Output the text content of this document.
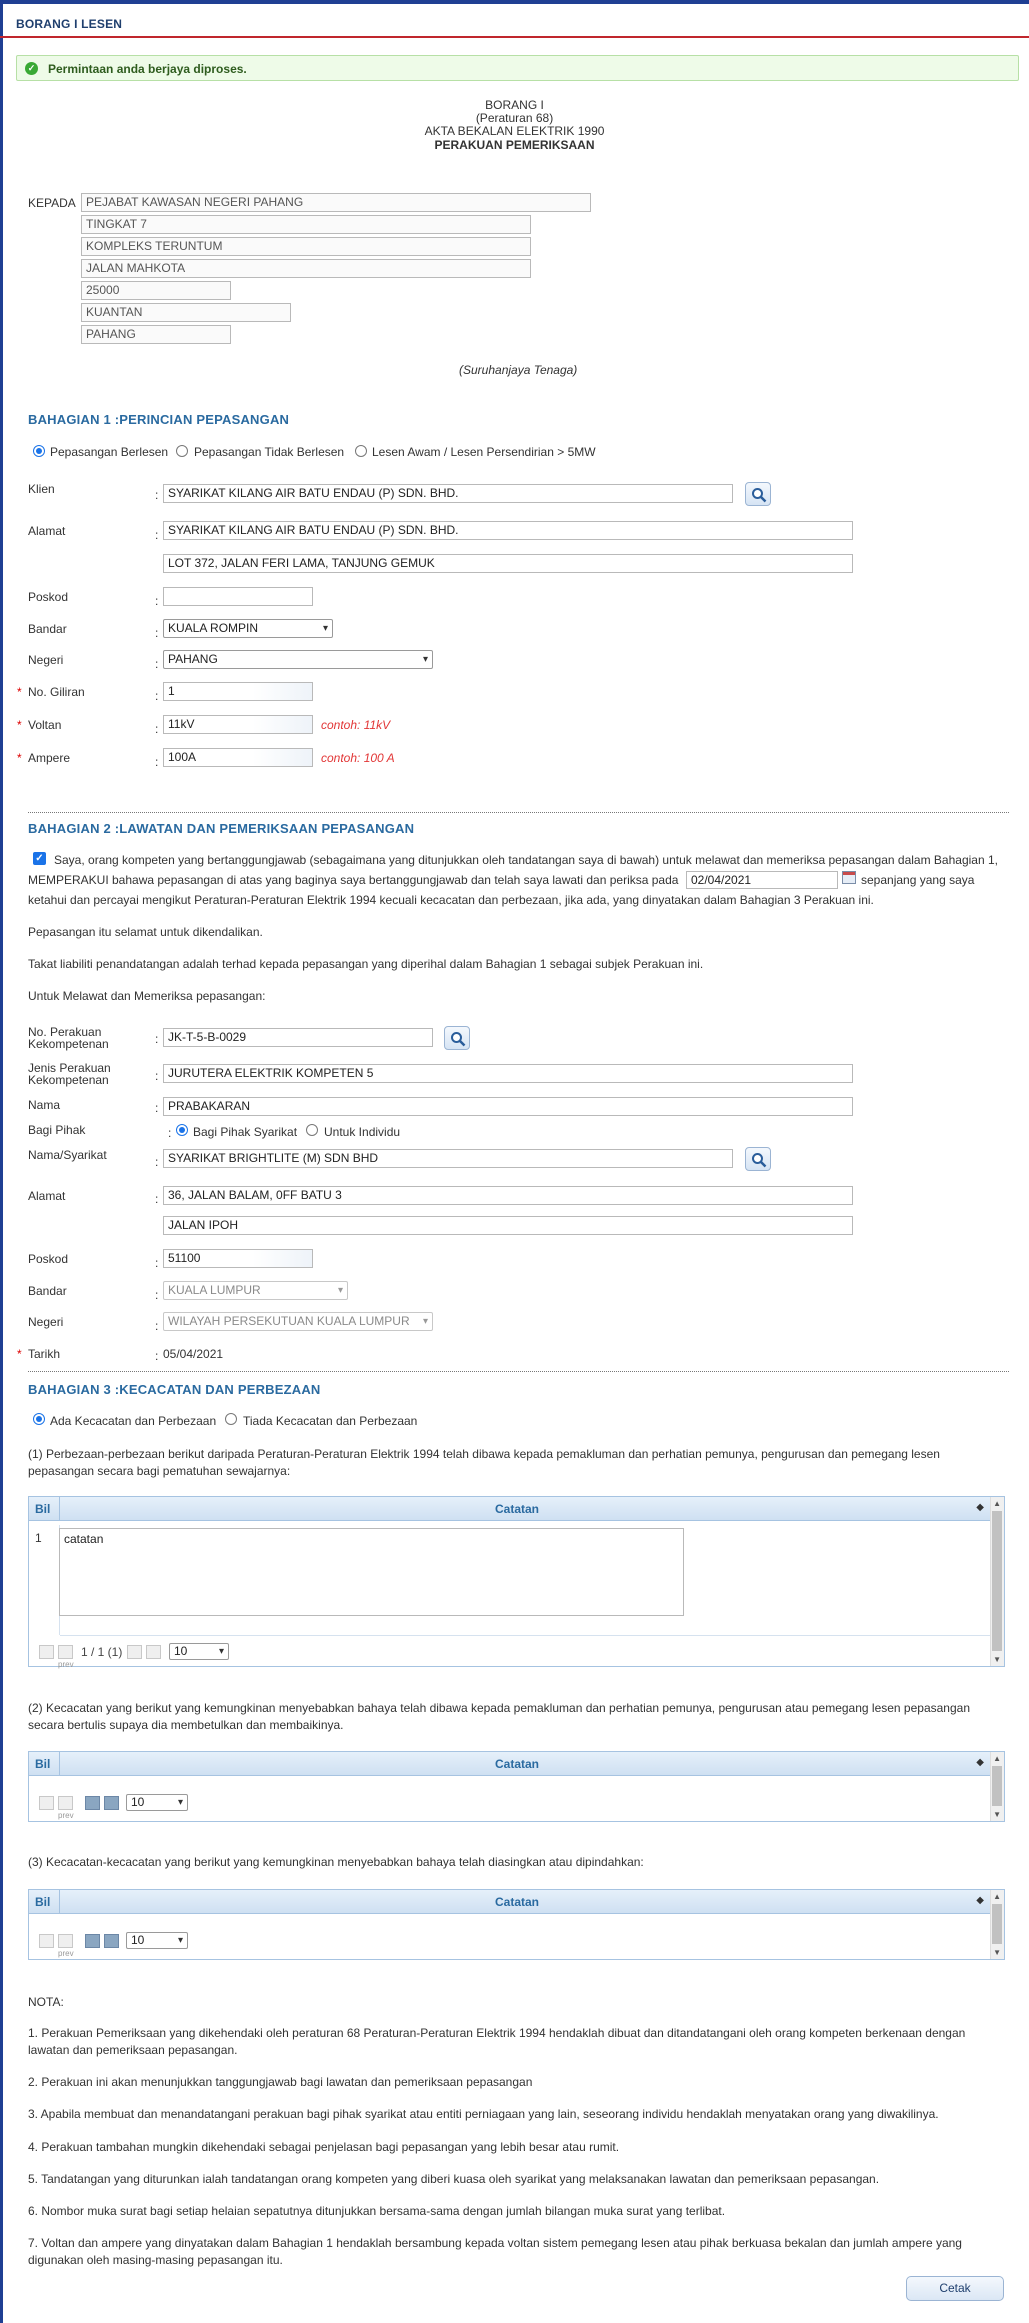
BORANG I LESEN
✓ Permintaan anda berjaya diproses.
BORANG I
(Peraturan 68)
AKTA BEKALAN ELEKTRIK 1990
PERAKUAN PEMERIKSAAN
KEPADA PEJABAT KAWASAN NEGERI PAHANG
TINGKAT 7
KOMPLEKS TERUNTUM
JALAN MAHKOTA
25000
KUANTAN
PAHANG
(Suruhanjaya Tenaga)
BAHAGIAN 1 :PERINCIAN PEPASANGAN
Pepasangan Berlesen Pepasangan Tidak Berlesen Lesen Awam / Lesen Persendirian > 5MW
Klien	: SYARIKAT KILANG AIR BATU ENDAU (P) SDN. BHD.
Alamat	: SYARIKAT KILANG AIR BATU ENDAU (P) SDN. BHD.
LOT 372, JALAN FERI LAMA, TANJUNG GEMUK
Poskod	:
Bandar	: KUALA ROMPIN	▾
Negeri	: PAHANG	▾
* No. Giliran	: 1
* Voltan	: 11kV	contoh: 11kV
* Ampere	: 100A	contoh: 100 A
BAHAGIAN 2 :LAWATAN DAN PEMERIKSAAN PEPASANGAN
✓ Saya, orang kompeten yang bertanggungjawab (sebagaimana yang ditunjukkan oleh tandatangan saya di bawah) untuk melawat dan memeriksa pepasangan dalam Bahagian 1,
MEMPERAKUI bahawa pepasangan di atas yang baginya saya bertanggungjawab dan telah saya lawati dan periksa pada	02/04/2021	sepanjang yang saya
ketahui dan percayai mengikut Peraturan-Peraturan Elektrik 1994 kecuali kecacatan dan perbezaan, jika ada, yang dinyatakan dalam Bahagian 3 Perakuan ini.
Pepasangan itu selamat untuk dikendalikan.
Takat liabiliti penandatangan adalah terhad kepada pepasangan yang diperihal dalam Bahagian 1 sebagai subjek Perakuan ini.
Untuk Melawat dan Memeriksa pepasangan:
No. Perakuan
Kekompetenan	: JK-T-5-B-0029
Jenis Perakuan
Kekompetenan	: JURUTERA ELEKTRIK KOMPETEN 5
Nama	: PRABAKARAN
Bagi Pihak	: Bagi Pihak Syarikat Untuk Individu
Nama/Syarikat	: SYARIKAT BRIGHTLITE (M) SDN BHD
Alamat	: 36, JALAN BALAM, 0FF BATU 3
JALAN IPOH
Poskod	: 51100
Bandar	: KUALA LUMPUR	▾
Negeri	: WILAYAH PERSEKUTUAN KUALA LUMPUR ▾
* Tarikh	: 05/04/2021
BAHAGIAN 3 :KECACATAN DAN PERBEZAAN
Ada Kecacatan dan Perbezaan Tiada Kecacatan dan Perbezaan
(1) Perbezaan-perbezaan berikut daripada Peraturan-Peraturan Elektrik 1994 telah dibawa kepada pemakluman dan perhatian pemunya, pengurusan dan pemegang lesen
pepasangan secara bagi pematuhan sewajarnya:
Bil	Catatan	◆
1	catatan
prev
1 / 1 (1)	10	▾
▲
▼
(2) Kecacatan yang berikut yang kemungkinan menyebabkan bahaya telah dibawa kepada pemakluman dan perhatian pemunya, pengurusan atau pemegang lesen pepasangan
secara bertulis supaya dia membetulkan dan membaikinya.
Bil	Catatan	◆
prev
10	▾
▲
▼
(3) Kecacatan-kecacatan yang berikut yang kemungkinan menyebabkan bahaya telah diasingkan atau dipindahkan:
Bil	Catatan	◆
prev
10	▾
▲
▼
NOTA:
1. Perakuan Pemeriksaan yang dikehendaki oleh peraturan 68 Peraturan-Peraturan Elektrik 1994 hendaklah dibuat dan ditandatangani oleh orang kompeten berkenaan dengan
lawatan dan pemeriksaan pepasangan.
2. Perakuan ini akan menunjukkan tanggungjawab bagi lawatan dan pemeriksaan pepasangan
3. Apabila membuat dan menandatangani perakuan bagi pihak syarikat atau entiti perniagaan yang lain, seseorang individu hendaklah menyatakan orang yang diwakilinya.
4. Perakuan tambahan mungkin dikehendaki sebagai penjelasan bagi pepasangan yang lebih besar atau rumit.
5. Tandatangan yang diturunkan ialah tandatangan orang kompeten yang diberi kuasa oleh syarikat yang melaksanakan lawatan dan pemeriksaan pepasangan.
6. Nombor muka surat bagi setiap helaian sepatutnya ditunjukkan bersama-sama dengan jumlah bilangan muka surat yang terlibat.
7. Voltan dan ampere yang dinyatakan dalam Bahagian 1 hendaklah bersambung kepada voltan sistem pemegang lesen atau pihak berkuasa bekalan dan jumlah ampere yang
digunakan oleh masing-masing pepasangan itu.
Cetak
